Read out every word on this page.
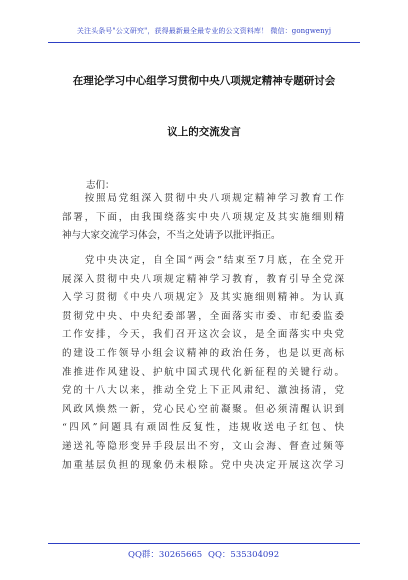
关注头条号"公文研究"，获得最新最全最专业的公文资料库！ 微信：gongwenyj
在理论学习中心组学习贯彻中央八项规定精神专题研讨会
议上的交流发言
志们：
　　按照局党组深入贯彻中央八项规定精神学习教育工作
部署，下面，由我围绕落实中央八项规定及其实施细则精
神与大家交流学习体会，不当之处请予以批评指正。
　　党中央决定，自全国“两会”结束至7月底，在全党开
展深入贯彻中央八项规定精神学习教育，教育引导全党深
入学习贯彻《中央八项规定》及其实施细则精神。为认真
贯彻党中央、中央纪委部署，全面落实市委、市纪委监委
工作安排，今天，我们召开这次会议，是全面落实中央党
的建设工作领导小组会议精神的政治任务，也是以更高标
准推进作风建设、护航中国式现代化新征程的关键行动。
党的十八大以来，推动全党上下正风肃纪、激浊扬清，党
风政风焕然一新，党心民心空前凝聚。但必须清醒认识到
“四风”问题具有顽固性反复性，违规收送电子红包、快
递送礼等隐形变异手段层出不穷，文山会海、督查过频等
加重基层负担的现象仍未根除。党中央决定开展这次学习
QQ群：30265665 QQ：535304092
